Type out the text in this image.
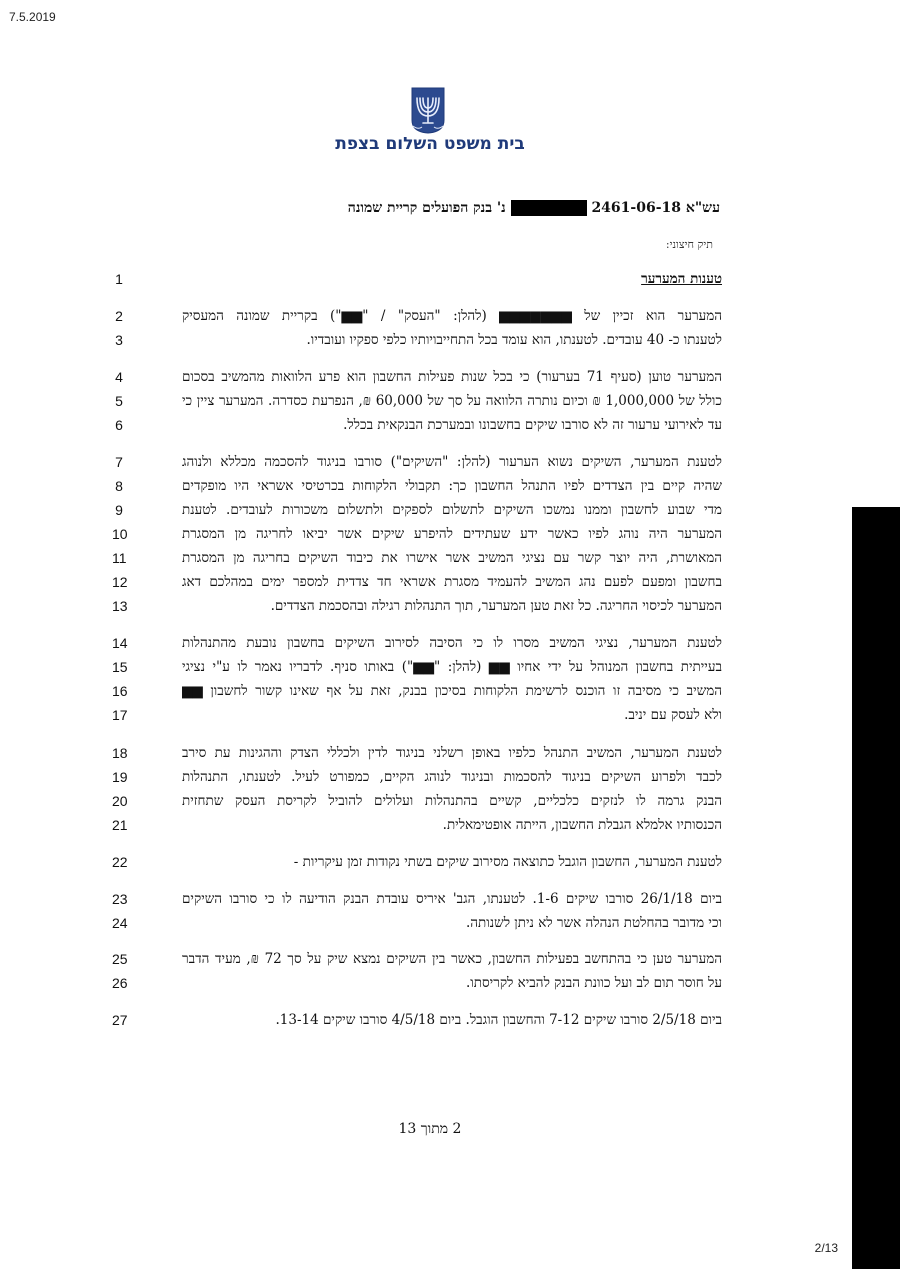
7.5.2019
בית משפט השלום בצפת
עש"א 2461-06-18  נ' בנק הפועלים קריית שמונה
תיק חיצוני:
1	טענות המערער
2	המערער הוא זכיין של ▆▆▆▆▆▆▆ (להלן: "העסק" / "▆▆") בקריית שמונה המעסיק
3	לטענתו כ- 40 עובדים. לטענתו, הוא עומד בכל התחייבויותיו כלפי ספקיו ועובדיו.
4	המערער טוען (סעיף 71 בערעור) כי בכל שנות פעילות החשבון הוא פרע הלוואות מהמשיב בסכום
5	כולל של 1,000,000 ₪ וכיום נותרה הלוואה על סך של 60,000 ₪, הנפרעת כסדרה. המערער ציין כי
6	עד לאירועי ערעור זה לא סורבו שיקים בחשבונו ובמערכת הבנקאית בכלל.
7	לטענת המערער, השיקים נשוא הערעור (להלן: "השיקים") סורבו בניגוד להסכמה מכללא ולנוהג
8	שהיה קיים בין הצדדים לפיו התנהל החשבון כך: תקבולי הלקוחות בכרטיסי אשראי היו מופקדים
9	מדי שבוע לחשבון וממנו נמשכו השיקים לתשלום לספקים ולתשלום משכורות לעובדים. לטענת
10	המערער היה נוהג לפיו כאשר ידע שעתידים להיפרע שיקים אשר יביאו לחריגה מן המסגרת
11	המאושרת, היה יוצר קשר עם נציגי המשיב אשר אישרו את כיבוד השיקים בחריגה מן המסגרת
12	בחשבון ומפעם לפעם נהג המשיב להעמיד מסגרת אשראי חד צדדית למספר ימים במהלכם דאג
13	המערער לכיסוי החריגה. כל זאת טען המערער, תוך התנהלות רגילה ובהסכמת הצדדים.
14	לטענת המערער, נציגי המשיב מסרו לו כי הסיבה לסירוב השיקים בחשבון נובעת מהתנהלות
15	בעייתית בחשבון המנוהל על ידי אחיו ▆▆ (להלן: "▆▆") באותו סניף. לדבריו נאמר לו ע"י נציגי
16	המשיב כי מסיבה זו הוכנס לרשימת הלקוחות בסיכון בבנק, זאת על אף שאינו קשור לחשבון ▆▆
17	ולא לעסק עם יניב.
18	לטענת המערער, המשיב התנהל כלפיו באופן רשלני בניגוד לדין ולכללי הצדק וההגינות עת סירב
19	לכבד ולפרוע השיקים בניגוד להסכמות ובניגוד לנוהג הקיים, כמפורט לעיל. לטענתו, התנהלות
20	הבנק גרמה לו לנזקים כלכליים, קשיים בהתנהלות ועלולים להוביל לקריסת העסק שתחזית
21	הכנסותיו אלמלא הגבלת החשבון, הייתה אופטימאלית.
22	לטענת המערער, החשבון הוגבל כתוצאה מסירוב שיקים בשתי נקודות זמן עיקריות -
23	ביום 26/1/18 סורבו שיקים 1-6. לטענתו, הגב' איריס עובדת הבנק הודיעה לו כי סורבו השיקים
24	וכי מדובר בהחלטת הנהלה אשר לא ניתן לשנותה.
25	המערער טען כי בהתחשב בפעילות החשבון, כאשר בין השיקים נמצא שיק על סך 72 ₪, מעיד הדבר
26	על חוסר תום לב ועל כוונת הבנק להביא לקריסתו.
27	ביום 2/5/18 סורבו שיקים 7-12 והחשבון הוגבל. ביום 4/5/18 סורבו שיקים 13-14.
2 מתוך 13
2/13
